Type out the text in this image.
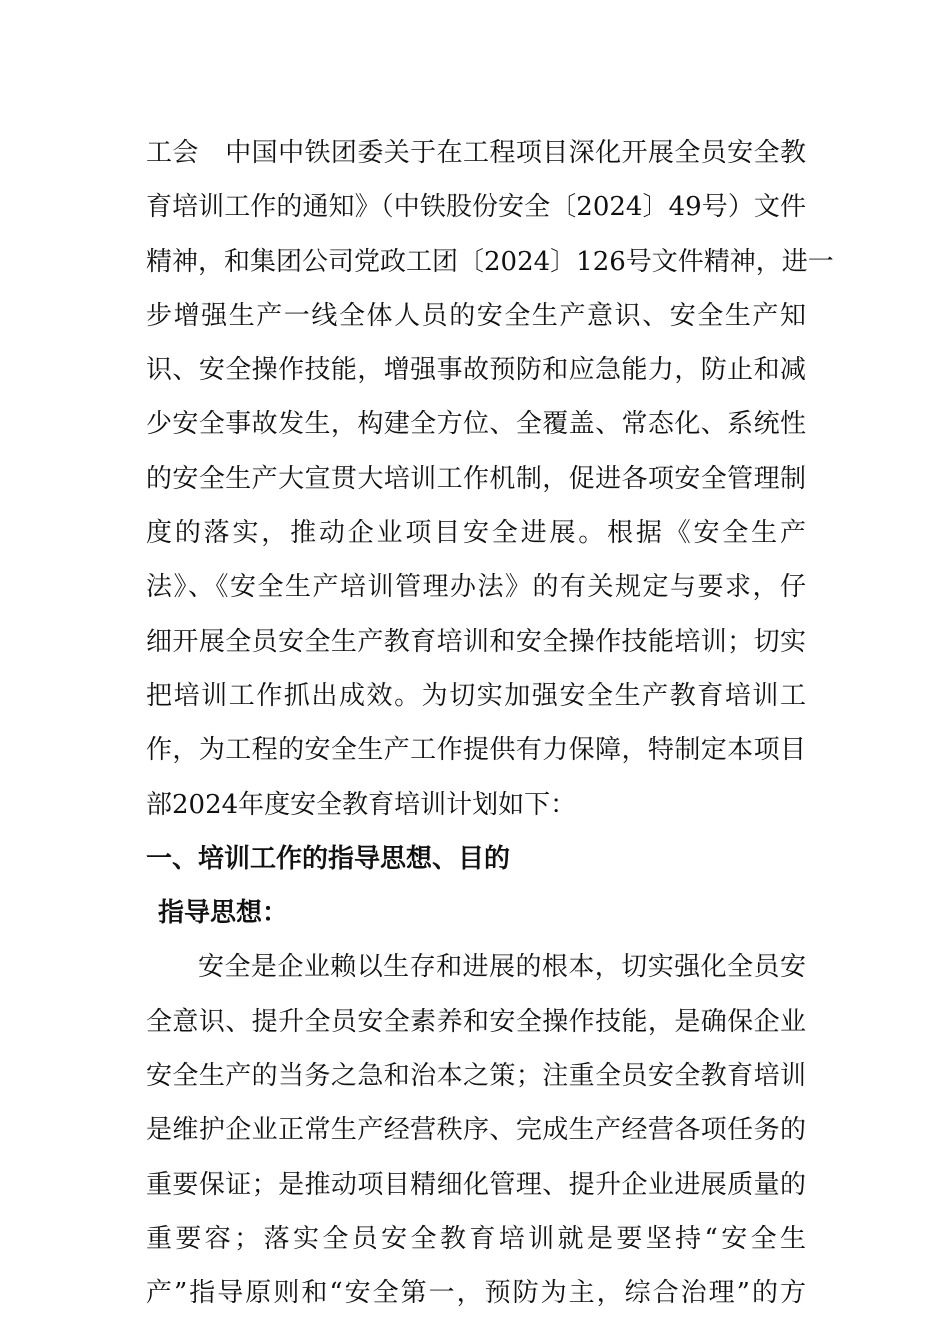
工会　中国中铁团委关于在工程项目深化开展全员安全教
育培训工作的通知》（中铁股份安全〔2024〕49号）文件
精神，和集团公司党政工团〔2024〕126号文件精神，进一
步增强生产一线全体人员的安全生产意识、安全生产知
识、安全操作技能，增强事故预防和应急能力，防止和减
少安全事故发生，构建全方位、全覆盖、常态化、系统性
的安全生产大宣贯大培训工作机制，促进各项安全管理制
度的落实，推动企业项目安全进展。根据《安全生产
法》、《安全生产培训管理办法》的有关规定与要求，仔
细开展全员安全生产教育培训和安全操作技能培训；切实
把培训工作抓出成效。为切实加强安全生产教育培训工
作，为工程的安全生产工作提供有力保障，特制定本项目
部2024年度安全教育培训计划如下：
一、培训工作的指导思想、目的
指导思想：
安全是企业赖以生存和进展的根本，切实强化全员安
全意识、提升全员安全素养和安全操作技能，是确保企业
安全生产的当务之急和治本之策；注重全员安全教育培训
是维护企业正常生产经营秩序、完成生产经营各项任务的
重要保证；是推动项目精细化管理、提升企业进展质量的
重要容；落实全员安全教育培训就是要坚持“安全生
产”指导原则和“安全第一，预防为主，综合治理”的方
